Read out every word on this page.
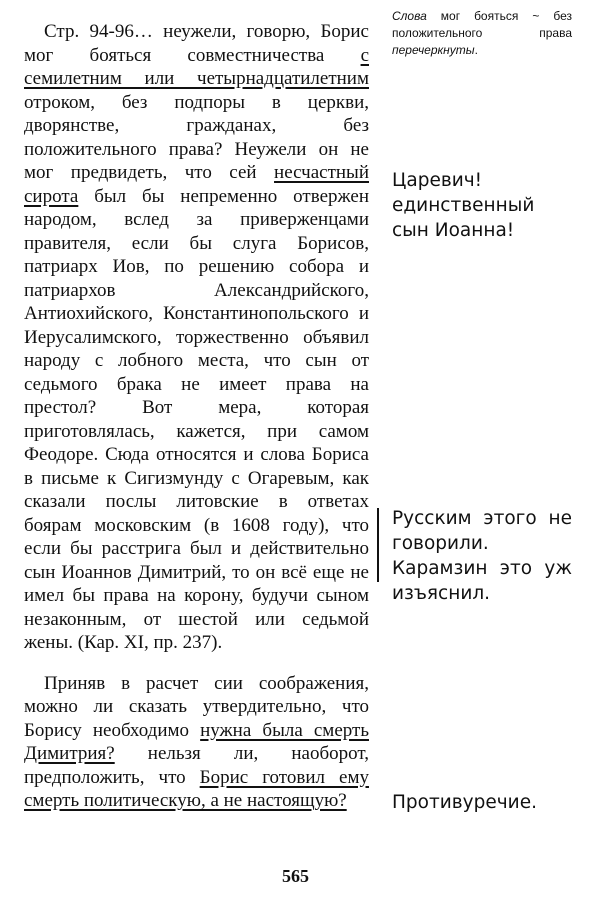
Стр. 94-96… неужели, говорю, Борис мог бояться совместничества с семилетним или четырнадцатилетним отроком, без подпоры в церкви, дворянстве, гражданах, без положительного права? Неужели он не мог предвидеть, что сей несчастный сирота был бы непременно отвержен народом, вслед за приверженцами правителя, если бы слуга Борисов, патриарх Иов, по решению собора и патриархов Александрийского, Антиохийского, Константинопольского и Иерусалимского, торжественно объявил народу с лобного места, что сын от седьмого брака не имеет права на престол? Вот мера, которая приготовлялась, кажется, при самом Феодоре. Сюда относятся и слова Бориса в письме к Сигизмунду с Огаревым, как сказали послы литовские в ответах боярам московским (в 1608 году), что если бы расстрига был и действительно сын Иоаннов Димитрий, то он всё еще не имел бы права на корону, будучи сыном незаконным, от шестой или седьмой жены. (Кар. XI, пр. 237).

Приняв в расчет сии соображения, можно ли сказать утвердительно, что Борису необходимо нужна была смерть Димитрия? нельзя ли, наоборот, предположить, что Борис готовил ему смерть политическую, а не настоящую?

Слова мог бояться ~ без положительного права перечеркнуты.
Царевич! единственный сын Иоанна!
Русским этого не говорили. Карамзин это уж изъяснил.
Противуречие.
565
